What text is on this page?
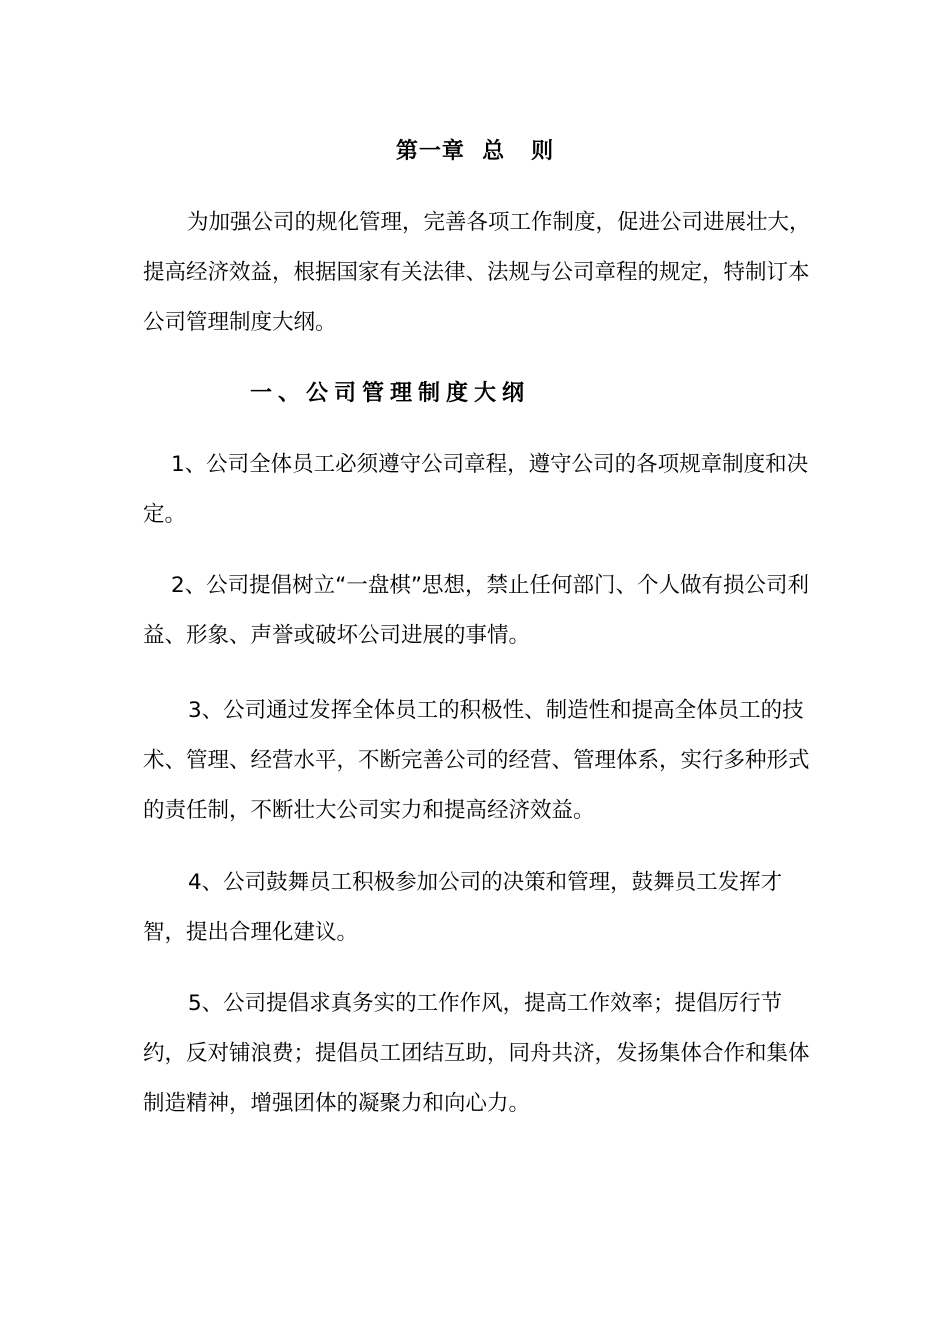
第一章  总   则

为加强公司的规化管理，完善各项工作制度，促进公司进展壮大，提高经济效益，根据国家有关法律、法规与公司章程的规定，特制订本公司管理制度大纲。

一、公司管理制度大纲

1、公司全体员工必须遵守公司章程，遵守公司的各项规章制度和决定。

2、公司提倡树立“一盘棋”思想，禁止任何部门、个人做有损公司利益、形象、声誉或破坏公司进展的事情。

3、公司通过发挥全体员工的积极性、制造性和提高全体员工的技术、管理、经营水平，不断完善公司的经营、管理体系，实行多种形式的责任制，不断壮大公司实力和提高经济效益。

4、公司鼓舞员工积极参加公司的决策和管理，鼓舞员工发挥才智，提出合理化建议。

5、公司提倡求真务实的工作作风，提高工作效率；提倡厉行节约，反对铺浪费；提倡员工团结互助，同舟共济，发扬集体合作和集体制造精神，增强团体的凝聚力和向心力。
